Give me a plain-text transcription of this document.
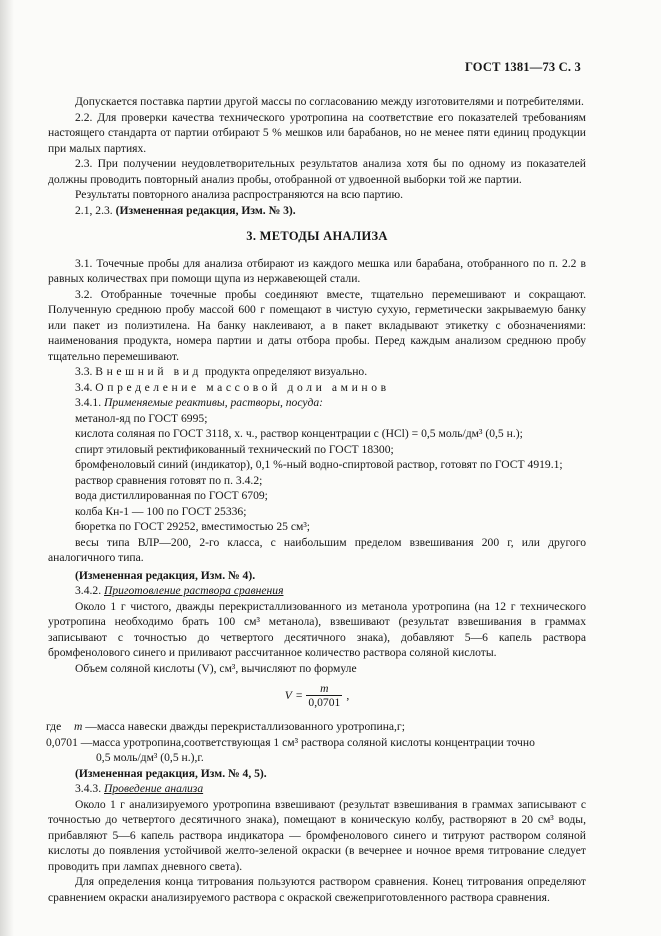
ГОСТ 1381—73 С. 3

Допускается поставка партии другой массы по согласованию между изготовителями и потребителями.

2.2. Для проверки качества технического уротропина на соответствие его показателей требованиям настоящего стандарта от партии отбирают 5 % мешков или барабанов, но не менее пяти единиц продукции при малых партиях.

2.3. При получении неудовлетворительных результатов анализа хотя бы по одному из показателей должны проводить повторный анализ пробы, отобранной от удвоенной выборки той же партии.

Результаты повторного анализа распространяются на всю партию.

2.1, 2.3. (Измененная редакция, Изм. № 3).

3. МЕТОДЫ АНАЛИЗА

3.1. Точечные пробы для анализа отбирают из каждого мешка или барабана, отобранного по п. 2.2 в равных количествах при помощи щупа из нержавеющей стали.

3.2. Отобранные точечные пробы соединяют вместе, тщательно перемешивают и сокращают. Полученную среднюю пробу массой 600 г помещают в чистую сухую, герметически закрываемую банку или пакет из полиэтилена. На банку наклеивают, а в пакет вкладывают этикетку с обозначениями: наименования продукта, номера партии и даты отбора пробы. Перед каждым анализом среднюю пробу тщательно перемешивают.

3.3. Внешний вид продукта определяют визуально.

3.4. Определение массовой доли аминов

3.4.1. Применяемые реактивы, растворы, посуда:

метанол-яд по ГОСТ 6995;

кислота соляная по ГОСТ 3118, х. ч., раствор концентрации с (HCl) = 0,5 моль/дм³ (0,5 н.);

спирт этиловый ректификованный технический по ГОСТ 18300;

бромфеноловый синий (индикатор), 0,1 %-ный водно-спиртовой раствор, готовят по ГОСТ 4919.1;

раствор сравнения готовят по п. 3.4.2;

вода дистиллированная по ГОСТ 6709;

колба Кн-1 — 100 по ГОСТ 25336;

бюретка по ГОСТ 29252, вместимостью 25 см³;

весы типа ВЛР—200, 2-го класса, с наибольшим пределом взвешивания 200 г, или другого аналогичного типа.

(Измененная редакция, Изм. № 4).

3.4.2. Приготовление раствора сравнения

Около 1 г чистого, дважды перекристаллизованного из метанола уротропина (на 12 г технического уротропина необходимо брать 100 см³ метанола), взвешивают (результат взвешивания в граммах записывают с точностью до четвертого десятичного знака), добавляют 5—6 капель раствора бромфенолового синего и приливают рассчитанное количество раствора соляной кислоты.

Объем соляной кислоты (V), см³, вычисляют по формуле

$V = \frac{m}{0,0701}$ ,
где	m —масса навески дважды перекристаллизованного уротропина,г;
0,0701 —масса уротропина,соответствующая 1 см³ раствора соляной кислоты концентрации точно

0,5 моль/дм³ (0,5 н.),г.

(Измененная редакция, Изм. № 4, 5).

3.4.3. Проведение анализа

Около 1 г анализируемого уротропина взвешивают (результат взвешивания в граммах записывают с точностью до четвертого десятичного знака), помещают в коническую колбу, растворяют в 20 см³ воды, прибавляют 5—6 капель раствора индикатора — бромфенолового синего и титруют раствором соляной кислоты до появления устойчивой желто-зеленой окраски (в вечернее и ночное время титрование следует проводить при лампах дневного света).

Для определения конца титрования пользуются раствором сравнения. Конец титрования определяют сравнением окраски анализируемого раствора с окраской свежеприготовленного раствора сравнения.
